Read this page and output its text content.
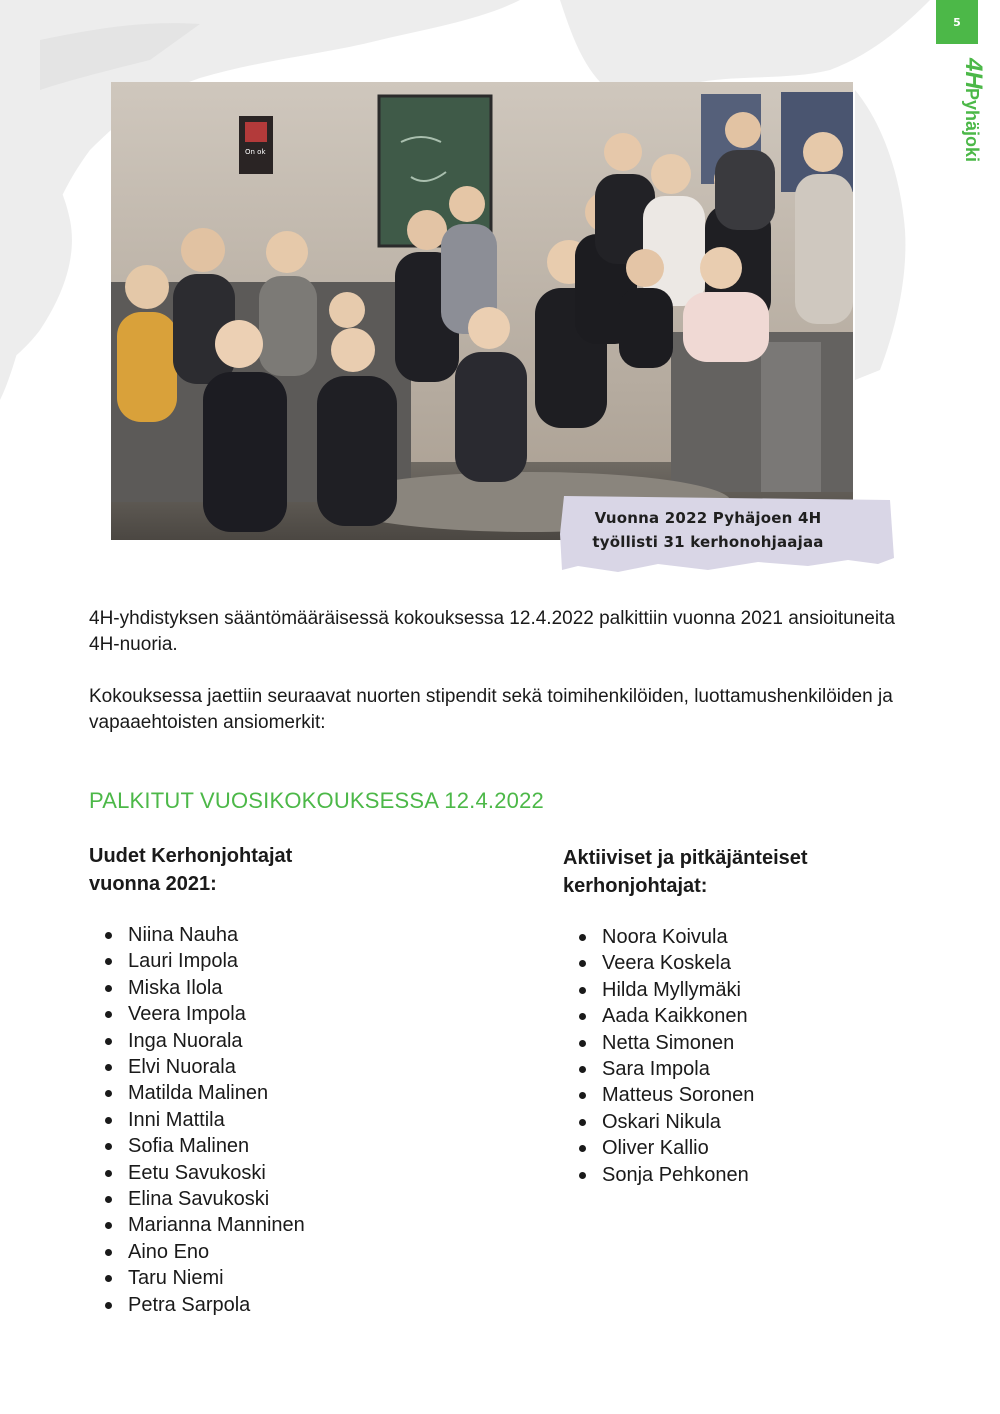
5
4H
Pyhäjoki
On ok
Vuonna 2022 Pyhäjoen 4H
työllisti 31 kerhonohjaajaa

4H-yhdistyksen sääntömääräisessä kokouksessa 12.4.2022 palkittiin vuonna 2021 ansioituneita 4H-nuoria.

Kokouksessa jaettiin seuraavat nuorten stipendit sekä toimihenkilöiden, luottamushenkilöiden ja vapaaehtoisten ansiomerkit:

PALKITUT VUOSIKOKOUKSESSA 12.4.2022
Uudet Kerhonjohtajat
vuonna 2021:
Niina Nauha
Lauri Impola
Miska Ilola
Veera Impola
Inga Nuorala
Elvi Nuorala
Matilda Malinen
Inni Mattila
Sofia Malinen
Eetu Savukoski
Elina Savukoski
Marianna Manninen
Aino Eno
Taru Niemi
Petra Sarpola
Aktiiviset ja pitkäjänteiset
kerhonjohtajat:
Noora Koivula
Veera Koskela
Hilda Myllymäki
Aada Kaikkonen
Netta Simonen
Sara Impola
Matteus Soronen
Oskari Nikula
Oliver Kallio
Sonja Pehkonen
